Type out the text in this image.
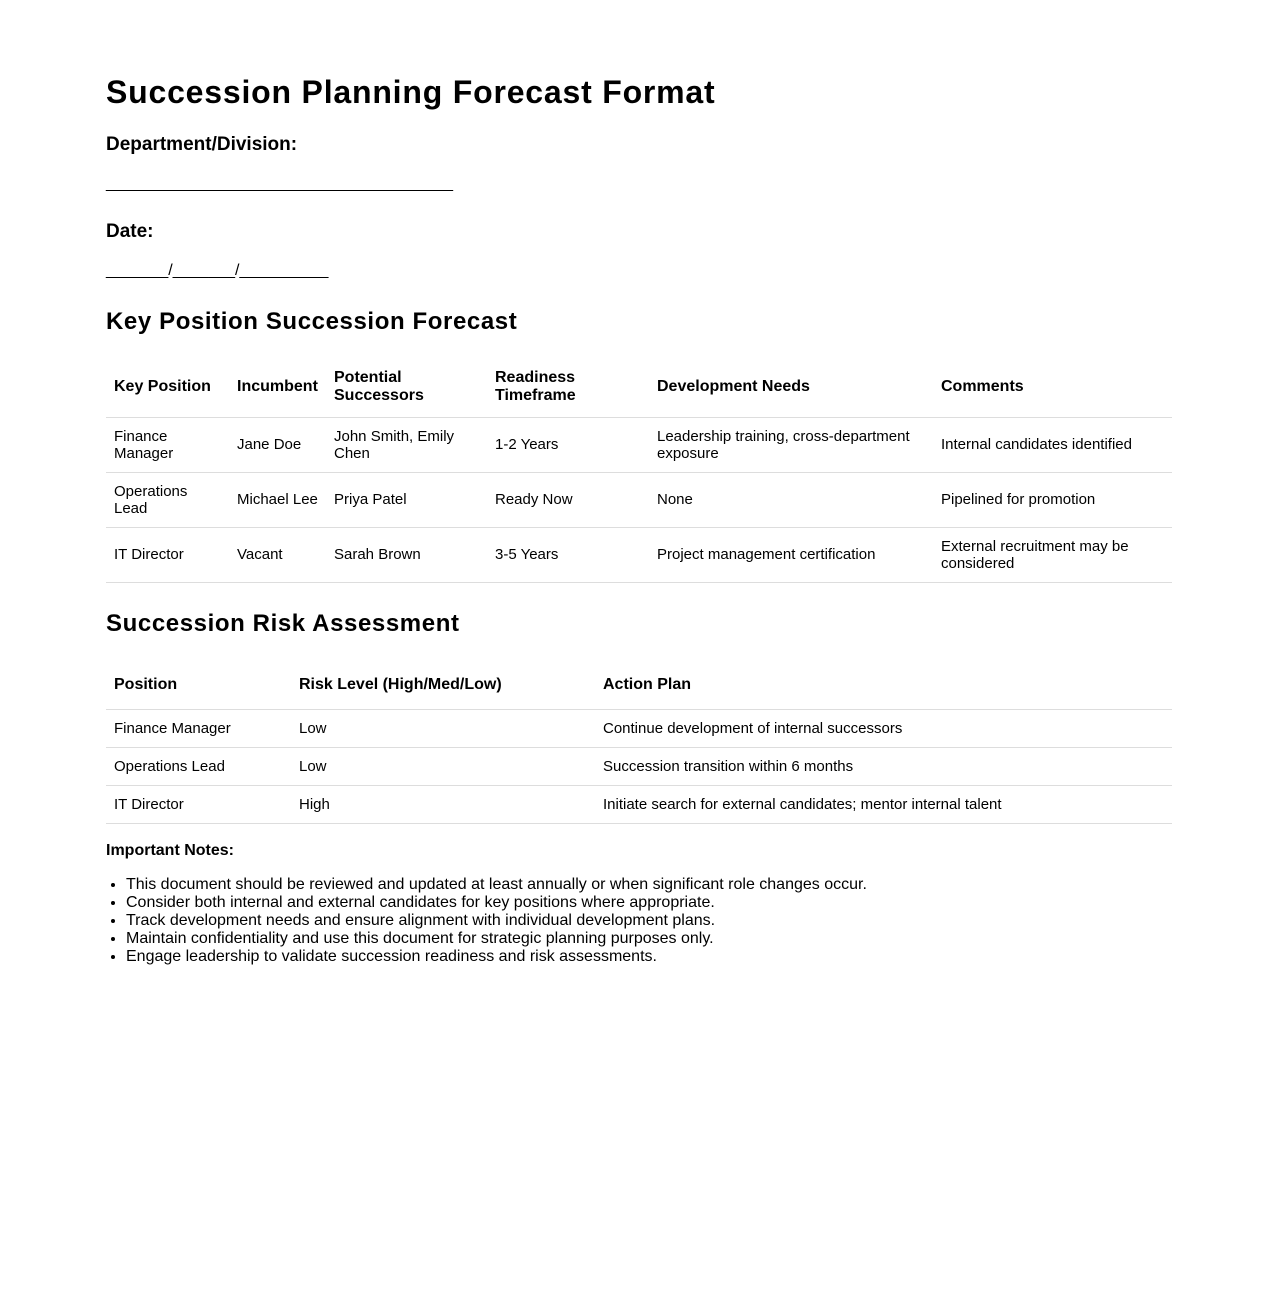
Succession Planning Forecast Format
Department/Division:
_______________________________________
Date:
_______/_______/__________
Key Position Succession Forecast
Key Position	Incumbent	Potential Successors	Readiness Timeframe	Development Needs	Comments
Finance Manager	Jane Doe	John Smith, Emily Chen	1-2 Years	Leadership training, cross-department exposure	Internal candidates identified
Operations Lead	Michael Lee	Priya Patel	Ready Now	None	Pipelined for promotion
IT Director	Vacant	Sarah Brown	3-5 Years	Project management certification	External recruitment may be considered
Succession Risk Assessment
Position	Risk Level (High/Med/Low)	Action Plan
Finance Manager	Low	Continue development of internal successors
Operations Lead	Low	Succession transition within 6 months
IT Director	High	Initiate search for external candidates; mentor internal talent

Important Notes:

• This document should be reviewed and updated at least annually or when significant role changes occur.
• Consider both internal and external candidates for key positions where appropriate.
• Track development needs and ensure alignment with individual development plans.
• Maintain confidentiality and use this document for strategic planning purposes only.
• Engage leadership to validate succession readiness and risk assessments.
